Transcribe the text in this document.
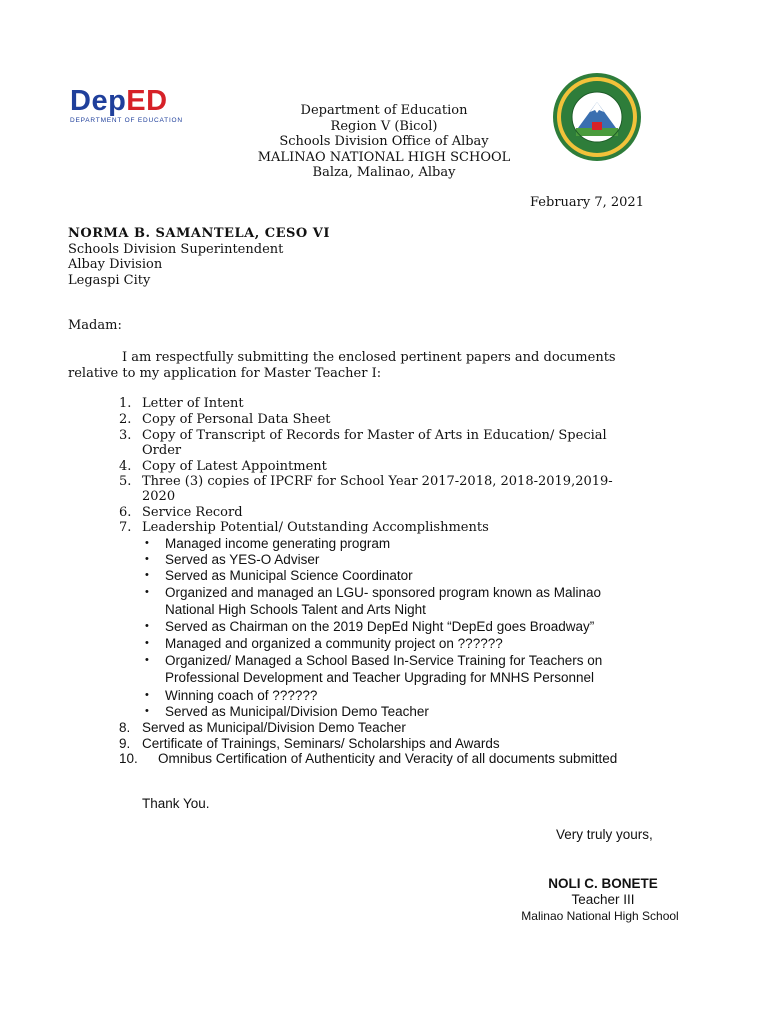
DepED
DEPARTMENT OF EDUCATION
Department of Education
Region V (Bicol)
Schools Division Office of Albay
MALINAO NATIONAL HIGH SCHOOL
Balza, Malinao, Albay
February 7, 2021
NORMA B. SAMANTELA, CESO VI
Schools Division Superintendent
Albay Division
Legaspi City
Madam:
I am respectfully submitting the enclosed pertinent papers and documents
relative to my application for Master Teacher I:
1. Letter of Intent
2. Copy of Personal Data Sheet
3. Copy of Transcript of Records for Master of Arts in Education/ Special
Order
4. Copy of Latest Appointment
5. Three (3) copies of IPCRF for School Year 2017-2018, 2018-2019,2019-
2020
6. Service Record
7. Leadership Potential/ Outstanding Accomplishments
• Managed income generating program
• Served as YES-O Adviser
• Served as Municipal Science Coordinator
• Organized and managed an LGU- sponsored program known as Malinao
National High Schools Talent and Arts Night
• Served as Chairman on the 2019 DepEd Night “DepEd goes Broadway”
• Managed and organized a community project on ??????
• Organized/ Managed a School Based In-Service Training for Teachers on
Professional Development and Teacher Upgrading for MNHS Personnel
• Winning coach of ??????
• Served as Municipal/Division Demo Teacher
8. Served as Municipal/Division Demo Teacher
9. Certificate of Trainings, Seminars/ Scholarships and Awards
10. Omnibus Certification of Authenticity and Veracity of all documents submitted
Thank You.
Very truly yours,
NOLI C. BONETE
Teacher III
Malinao National High School
